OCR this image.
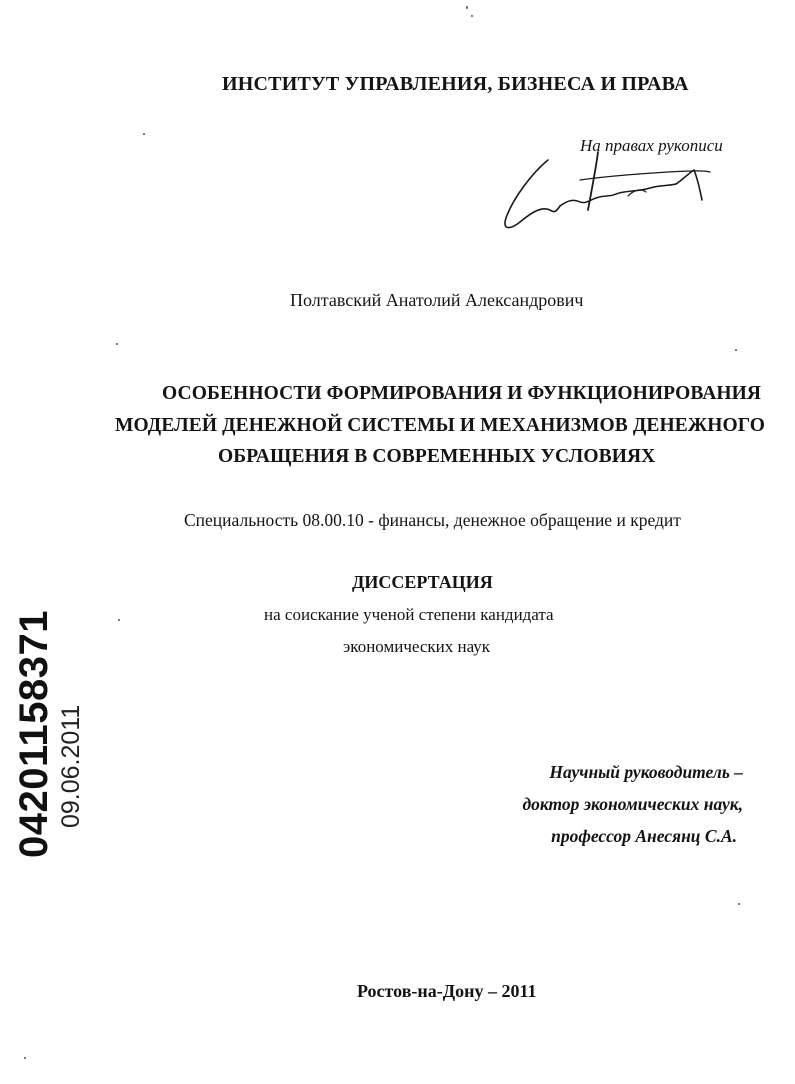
ИНСТИТУТ УПРАВЛЕНИЯ, БИЗНЕСА И ПРАВА
На правах рукописи
Полтавский Анатолий Александрович
ОСОБЕННОСТИ ФОРМИРОВАНИЯ И ФУНКЦИОНИРОВАНИЯ
МОДЕЛЕЙ ДЕНЕЖНОЙ СИСТЕМЫ И МЕХАНИЗМОВ ДЕНЕЖНОГО
ОБРАЩЕНИЯ В СОВРЕМЕННЫХ УСЛОВИЯХ
Специальность 08.00.10 - финансы, денежное обращение и кредит
ДИССЕРТАЦИЯ
на соискание ученой степени кандидата
экономических наук
Научный руководитель –
доктор экономических наук,
профессор Анесянц С.А.
Ростов-на-Дону – 2011
04201158371 09.06.2011
